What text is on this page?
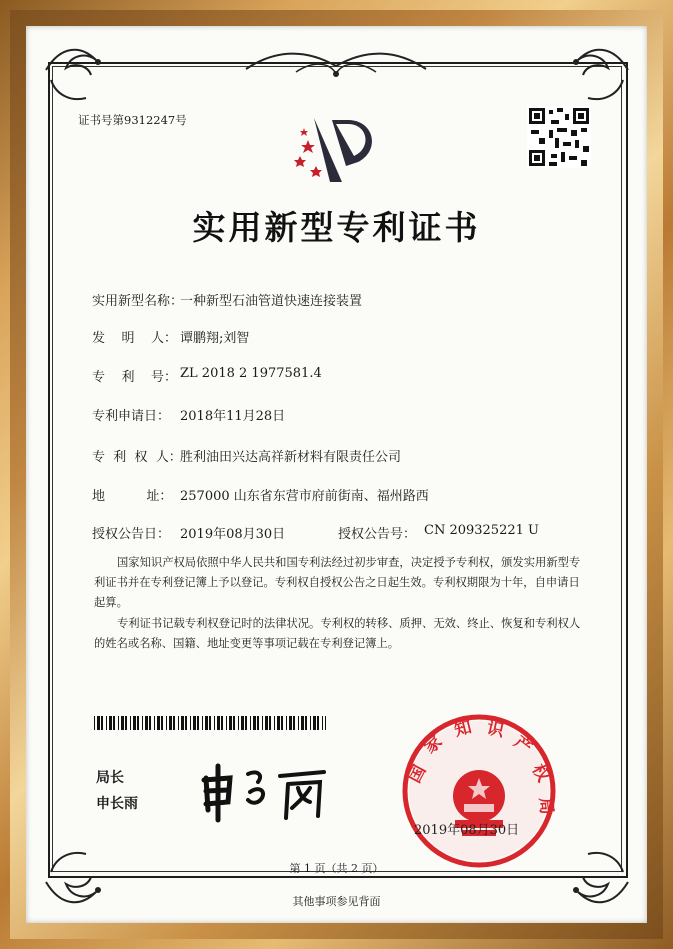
证书号第9312247号
实用新型专利证书
实用新型名称：
一种新型石油管道快速连接装置
发    明    人： 谭鹏翔;刘智
专    利    号： ZL 2018 2 1977581.4
专利申请日： 2018年11月28日
专  利  权  人：
胜利油田兴达高祥新材料有限责任公司
地          址： 257000 山东省东营市府前街南、福州路西
授权公告日： 2019年08月30日	授权公告号： CN 209325221 U
国家知识产权局依照中华人民共和国专利法经过初步审查，决定授予专利权，颁发实用新型专利证书并在专利登记簿上予以登记。专利权自授权公告之日起生效。专利权期限为十年，自申请日起算。
专利证书记载专利权登记时的法律状况。专利权的转移、质押、无效、终止、恢复和专利权人的姓名或名称、国籍、地址变更等事项记载在专利登记簿上。
局长
申长雨
国
家
知 识
产
权
局
2019年08月30日
第 1 页（共 2 页）
其他事项参见背面
